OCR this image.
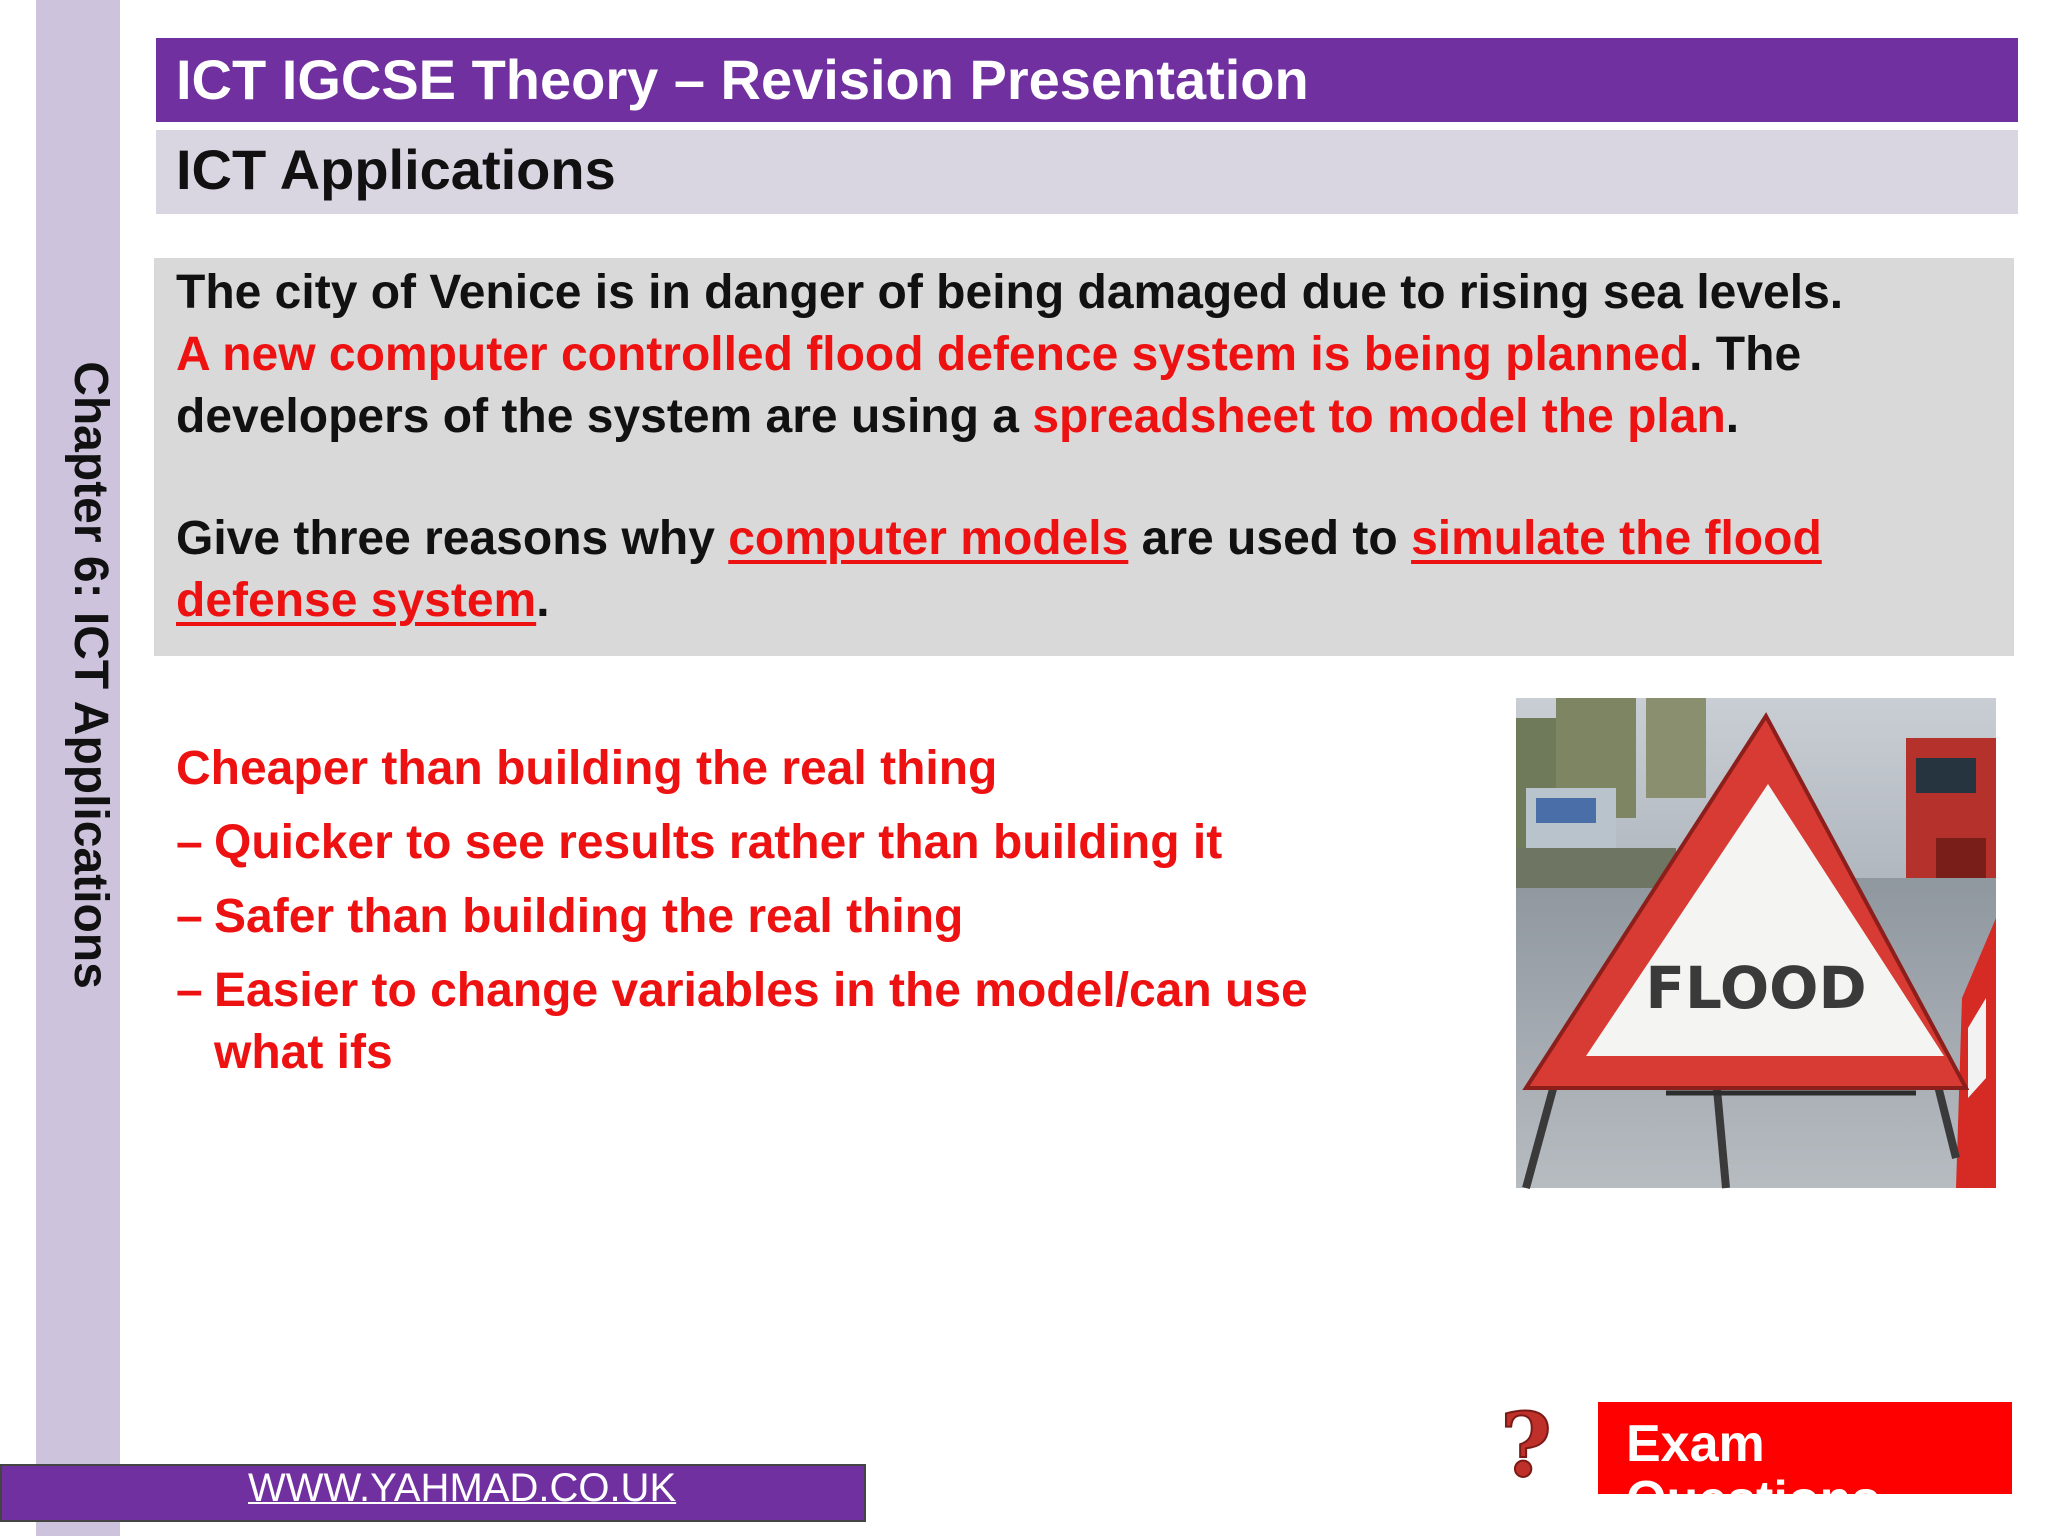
Chapter 6: ICT Applications
ICT IGCSE Theory – Revision Presentation
ICT Applications

The city of Venice is in danger of being damaged due to rising sea levels. A new computer controlled flood defence system is being planned. The developers of the system are using a spreadsheet to model the plan.

Give three reasons why computer models are used to simulate the flood defense system.

Cheaper than building the real thing

– Quicker to see results rather than building it
– Safer than building the real thing
– Easier to change variables in the model/can use what ifs
FLOOD
?	Exam Questions
WWW.YAHMAD.CO.UK
